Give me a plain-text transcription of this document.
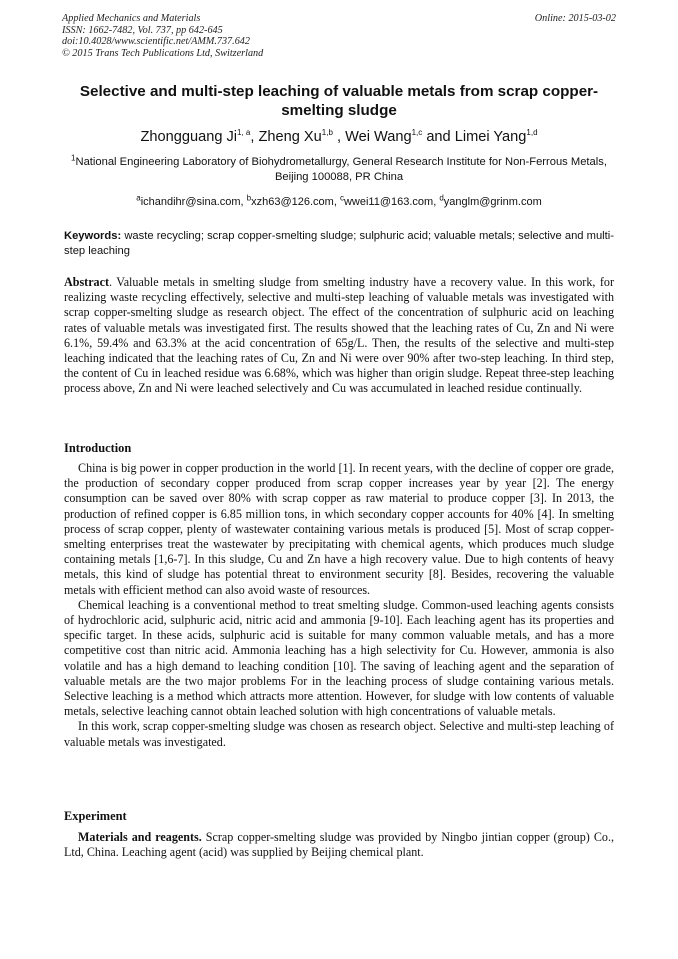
Applied Mechanics and Materials
ISSN: 1662-7482, Vol. 737, pp 642-645
doi:10.4028/www.scientific.net/AMM.737.642
© 2015 Trans Tech Publications Ltd, Switzerland
Online: 2015-03-02
Selective and multi-step leaching of valuable metals from scrap copper-smelting sludge
Zhongguang Ji$^{1, a}$, Zheng Xu$^{1,b}$ , Wei Wang$^{1,c}$ and Limei Yang$^{1,d}$
$^1$National Engineering Laboratory of Biohydrometallurgy, General Research Institute for Non-Ferrous Metals, Beijing 100088, PR China
$^a$ichandihr@sina.com, $^b$xzh63@126.com, $^c$wwei11@163.com, $^d$yanglm@grinm.com
Keywords: waste recycling; scrap copper-smelting sludge; sulphuric acid; valuable metals; selective and multi-step leaching
Abstract. Valuable metals in smelting sludge from smelting industry have a recovery value. In this work, for realizing waste recycling effectively, selective and multi-step leaching of valuable metals was investigated with scrap copper-smelting sludge as research object. The effect of the concentration of sulphuric acid on leaching rates of valuable metals was investigated first. The results showed that the leaching rates of Cu, Zn and Ni were 6.1%, 59.4% and 63.3% at the acid concentration of 65g/L. Then, the results of the selective and multi-step leaching indicated that the leaching rates of Cu, Zn and Ni were over 90% after two-step leaching. In third step, the content of Cu in leached residue was 6.68%, which was higher than origin sludge. Repeat three-step leaching process above, Zn and Ni were leached selectively and Cu was accumulated in leached residue continually.
Introduction

China is big power in copper production in the world [1]. In recent years, with the decline of copper ore grade, the production of secondary copper produced from scrap copper increases year by year [2]. The energy consumption can be saved over 80% with scrap copper as raw material to produce copper [3]. In 2013, the production of refined copper is 6.85 million tons, in which secondary copper accounts for 40% [4]. In smelting process of scrap copper, plenty of wastewater containing various metals is produced [5]. Most of scrap copper-smelting enterprises treat the wastewater by precipitating with chemical agents, which produces much sludge containing metals [1,6-7]. In this sludge, Cu and Zn have a high recovery value. Due to high contents of heavy metals, this kind of sludge has potential threat to environment security [8]. Besides, recovering the valuable metals with efficient method can also avoid waste of resources.

Chemical leaching is a conventional method to treat smelting sludge. Common-used leaching agents consists of hydrochloric acid, sulphuric acid, nitric acid and ammonia [9-10]. Each leaching agent has its properties and specific target. In these acids, sulphuric acid is suitable for many common valuable metals, and has a more competitive cost than nitric acid. Ammonia leaching has a high selectivity for Cu. However, ammonia is also volatile and has a high demand to leaching condition [10]. The saving of leaching agent and the separation of valuable metals are the two major problems For in the leaching process of sludge containing various metals. Selective leaching is a method which attracts more attention. However, for sludge with low contents of valuable metals, selective leaching cannot obtain leached solution with high concentrations of valuable metals.

In this work, scrap copper-smelting sludge was chosen as research object. Selective and multi-step leaching of valuable metals was investigated.

Experiment

Materials and reagents. Scrap copper-smelting sludge was provided by Ningbo jintian copper (group) Co., Ltd, China. Leaching agent (acid) was supplied by Beijing chemical plant.
